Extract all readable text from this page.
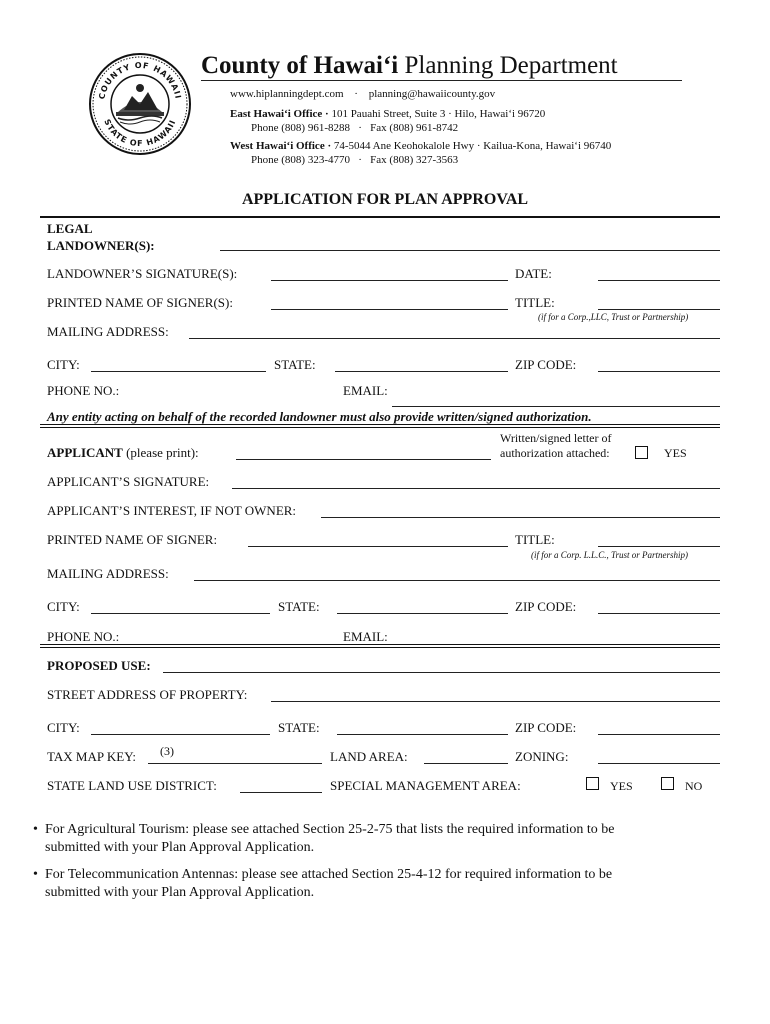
COUNTY OF HAWAII
STATE OF HAWAII
County of Hawai‘i Planning Department
www.hiplanningdept.com · planning@hawaiicounty.gov
East Hawai‘i Office · 101 Pauahi Street, Suite 3 · Hilo, Hawai‘i 96720
Phone (808) 961-8288   ·   Fax (808) 961-8742
West Hawai‘i Office · 74-5044 Ane Keohokalole Hwy · Kailua-Kona, Hawai‘i 96740
Phone (808) 323-4770   ·   Fax (808) 327-3563
APPLICATION FOR PLAN APPROVAL
LEGAL
LANDOWNER(S):
LANDOWNER’S SIGNATURE(S):	DATE:
PRINTED NAME OF SIGNER(S):	TITLE:
(if for a Corp.,LLC, Trust or Partnership)
MAILING ADDRESS:
CITY:	STATE:	ZIP CODE:
PHONE NO.:	EMAIL:
Any entity acting on behalf of the recorded landowner must also provide written/signed authorization.
APPLICANT (please print):
Written/signed letter of
authorization attached:	YES
APPLICANT’S SIGNATURE:
APPLICANT’S INTEREST, IF NOT OWNER:
PRINTED NAME OF SIGNER:	TITLE:
(if for a Corp. L.L.C., Trust or Partnership)
MAILING ADDRESS:
CITY:	STATE:	ZIP CODE:
PHONE NO.:	EMAIL:
PROPOSED USE:
STREET ADDRESS OF PROPERTY:
CITY:	STATE:	ZIP CODE:
TAX MAP KEY: (3)	LAND AREA:	ZONING:
STATE LAND USE DISTRICT:	SPECIAL MANAGEMENT AREA:	YES	NO
• For Agricultural Tourism: please see attached Section 25-2-75 that lists the required information to be
submitted with your Plan Approval Application.
• For Telecommunication Antennas: please see attached Section 25-4-12 for required information to be
submitted with your Plan Approval Application.
